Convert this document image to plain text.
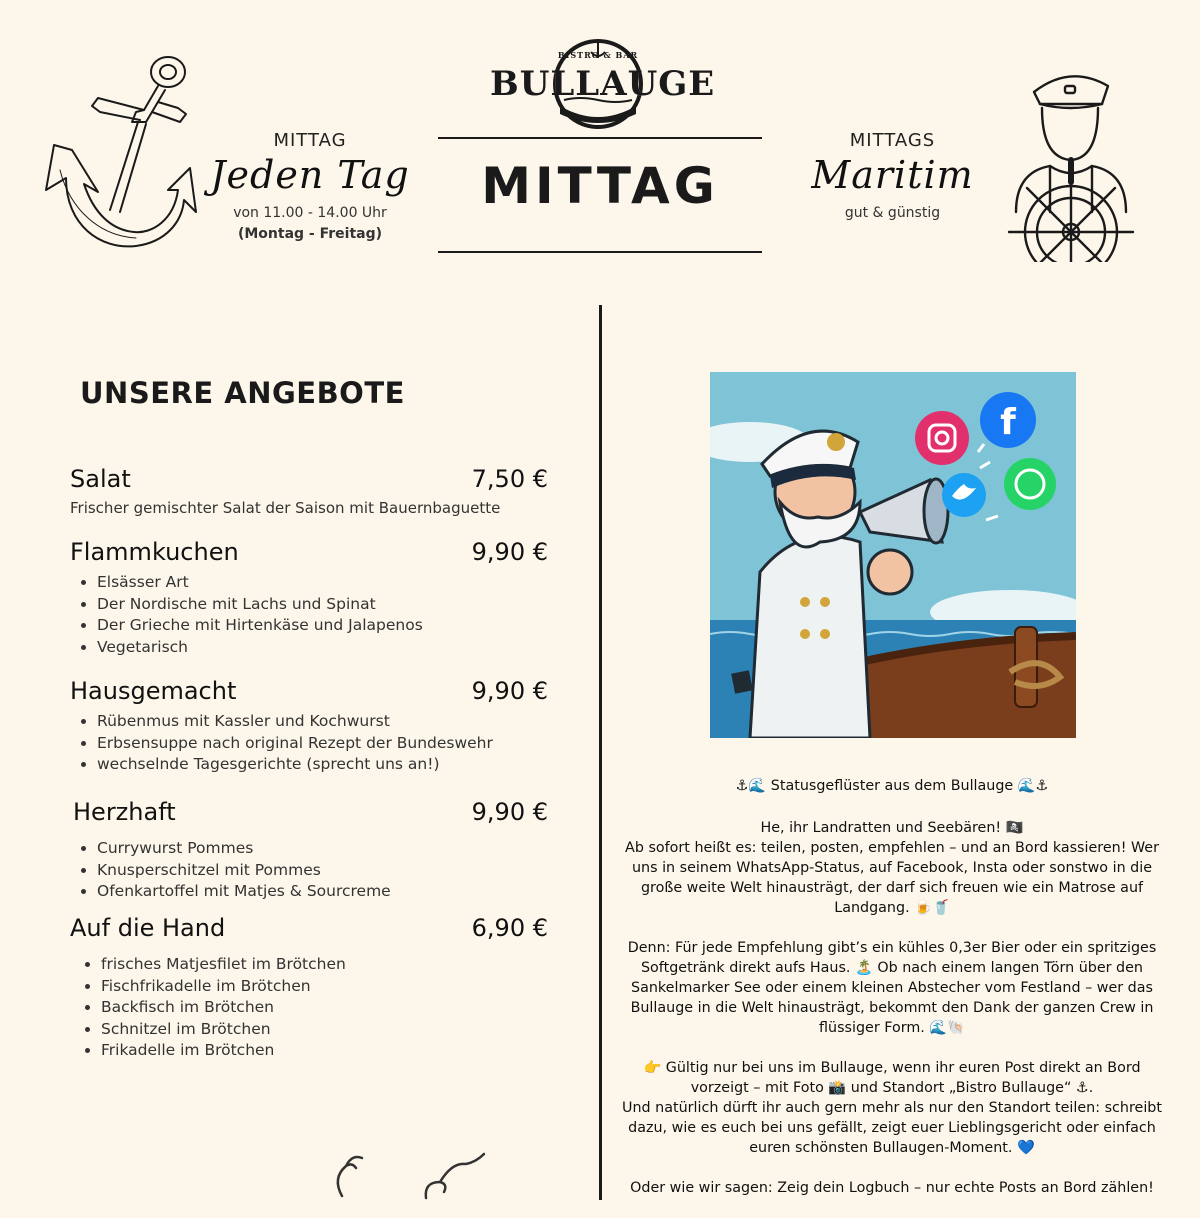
MITTAG
Jeden Tag
von 11.00 - 14.00 Uhr
(Montag - Freitag)
BISTRO & BAR
BULLAUGE
MITTAG
MITTAGS
Maritim
gut & günstig
UNSERE ANGEBOTE
Salat	7,50 €
Frischer gemischter Salat der Saison mit Bauernbaguette
Flammkuchen	9,90 €
• Elsässer Art
• Der Nordische mit Lachs und Spinat
• Der Grieche mit Hirtenkäse und Jalapenos
• Vegetarisch
Hausgemacht	9,90 €
• Rübenmus mit Kassler und Kochwurst
• Erbsensuppe nach original Rezept der Bundeswehr
• wechselnde Tagesgerichte (sprecht uns an!)
Herzhaft	9,90 €
• Currywurst Pommes
• Knusperschitzel mit Pommes
• Ofenkartoffel mit Matjes & Sourcreme
Auf die Hand	6,90 €
• frisches Matjesfilet im Brötchen
• Fischfrikadelle im Brötchen
• Backfisch im Brötchen
• Schnitzel im Brötchen
• Frikadelle im Brötchen
f

⚓🌊 Statusgeflüster aus dem Bullauge 🌊⚓

He, ihr Landratten und Seebären! 🏴‍☠️
Ab sofort heißt es: teilen, posten, empfehlen – und an Bord kassieren! Wer uns in seinem WhatsApp-Status, auf Facebook, Insta oder sonstwo in die große weite Welt hinausträgt, der darf sich freuen wie ein Matrose auf Landgang. 🍺🥤

Denn: Für jede Empfehlung gibt’s ein kühles 0,3er Bier oder ein spritziges Softgetränk direkt aufs Haus. 🏝️ Ob nach einem langen Törn über den Sankelmarker See oder einem kleinen Abstecher vom Festland – wer das Bullauge in die Welt hinausträgt, bekommt den Dank der ganzen Crew in flüssiger Form. 🌊🐚

👉 Gültig nur bei uns im Bullauge, wenn ihr euren Post direkt an Bord vorzeigt – mit Foto 📸 und Standort „Bistro Bullauge“ ⚓.
Und natürlich dürft ihr auch gern mehr als nur den Standort teilen: schreibt dazu, wie es euch bei uns gefällt, zeigt euer Lieblingsgericht oder einfach euren schönsten Bullaugen-Moment. 💙

Oder wie wir sagen: Zeig dein Logbuch – nur echte Posts an Bord zählen!
